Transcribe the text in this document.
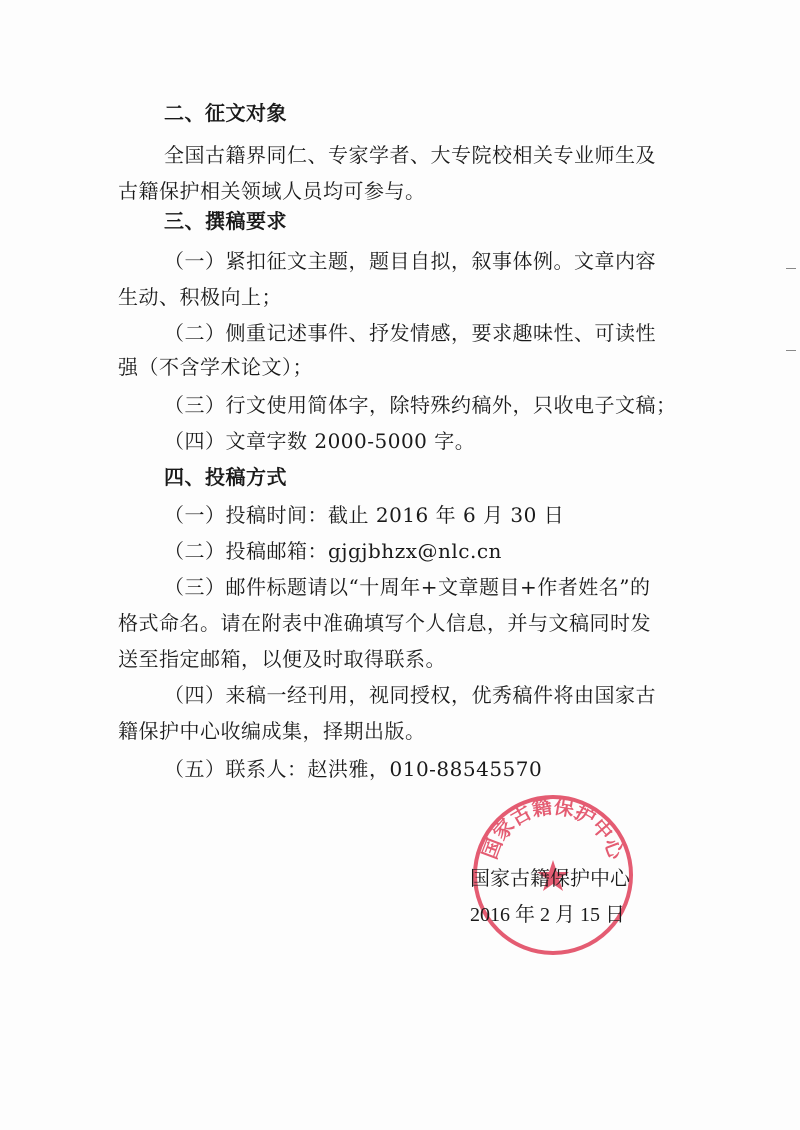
二、征文对象
全国古籍界同仁、专家学者、大专院校相关专业师生及
古籍保护相关领域人员均可参与。
三、撰稿要求
（一）紧扣征文主题，题目自拟，叙事体例。文章内容
生动、积极向上；
（二）侧重记述事件、抒发情感，要求趣味性、可读性
强（不含学术论文）；
（三）行文使用简体字，除特殊约稿外，只收电子文稿；
（四）文章字数 2000-5000 字。
四、投稿方式
（一）投稿时间：截止 2016 年 6 月 30 日
（二）投稿邮箱：gjgjbhzx@nlc.cn
（三）邮件标题请以“十周年+文章题目+作者姓名”的
格式命名。请在附表中准确填写个人信息，并与文稿同时发
送至指定邮箱，以便及时取得联系。
（四）来稿一经刊用，视同授权，优秀稿件将由国家古
籍保护中心收编成集，择期出版。
（五）联系人：赵洪雅，010-88545570
国家古籍保护中心
国家古籍保护中心
2016 年 2 月 15 日
